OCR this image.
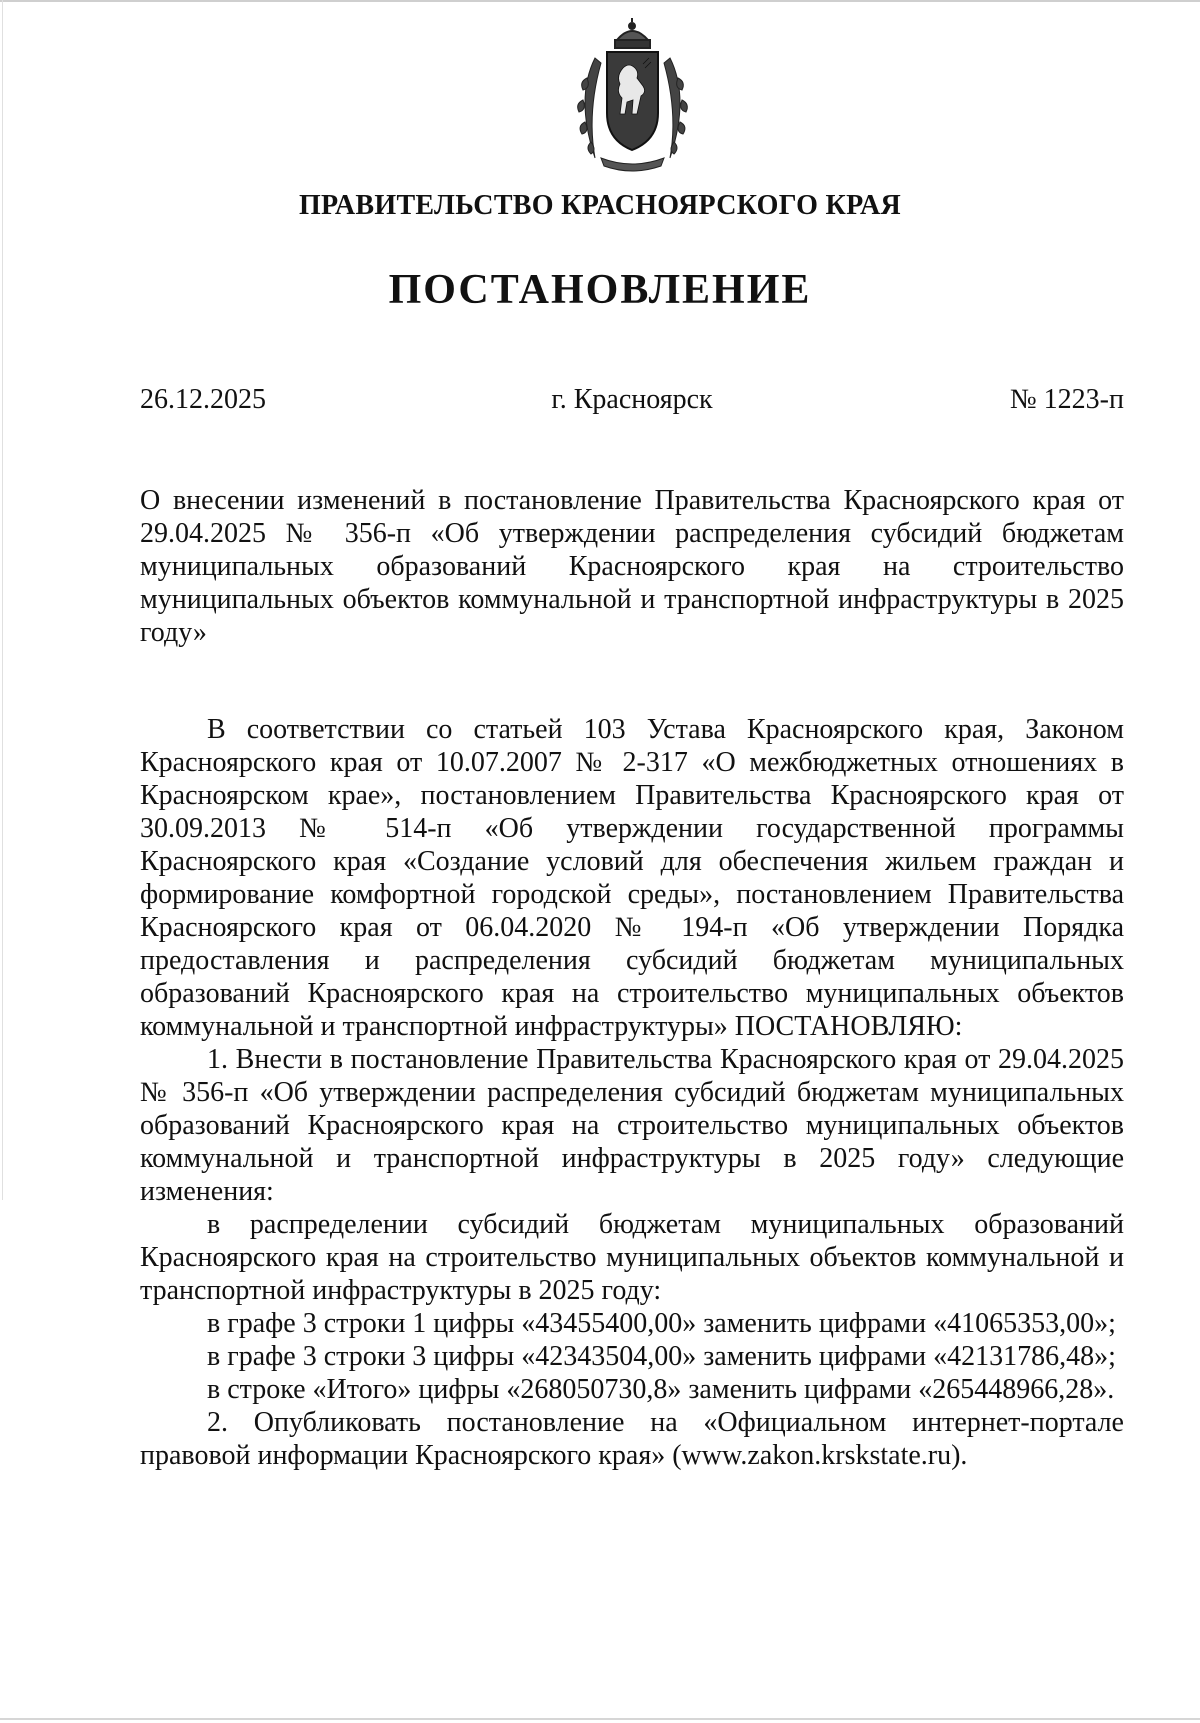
ПРАВИТЕЛЬСТВО КРАСНОЯРСКОГО КРАЯ
ПОСТАНОВЛЕНИЕ
26.12.2025	г. Красноярск	№ 1223-п

О внесении изменений в постановление Правительства Красноярского края от 29.04.2025 № 356-п «Об утверждении распределения субсидий бюджетам муниципальных образований Красноярского края на строительство муниципальных объектов коммунальной и транспортной инфраструктуры в 2025 году»

В соответствии со статьей 103 Устава Красноярского края, Законом Красноярского края от 10.07.2007 № 2-317 «О межбюджетных отношениях в Красноярском крае», постановлением Правительства Красноярского края от 30.09.2013 № 514-п «Об утверждении государственной программы Красноярского края «Создание условий для обеспечения жильем граждан и формирование комфортной городской среды», постановлением Правительства Красноярского края от 06.04.2020 № 194-п «Об утверждении Порядка предоставления и распределения субсидий бюджетам муниципальных образований Красноярского края на строительство муниципальных объектов коммунальной и транспортной инфраструктуры» ПОСТАНОВЛЯЮ:

1. Внести в постановление Правительства Красноярского края от 29.04.2025 № 356-п «Об утверждении распределения субсидий бюджетам муниципальных образований Красноярского края на строительство муниципальных объектов коммунальной и транспортной инфраструктуры в 2025 году» следующие изменения:

в распределении субсидий бюджетам муниципальных образований Красноярского края на строительство муниципальных объектов коммунальной и транспортной инфраструктуры в 2025 году:

в графе 3 строки 1 цифры «43455400,00» заменить цифрами «41065353,00»;

в графе 3 строки 3 цифры «42343504,00» заменить цифрами «42131786,48»;

в строке «Итого» цифры «268050730,8» заменить цифрами «265448966,28».

2. Опубликовать постановление на «Официальном интернет-портале правовой информации Красноярского края» (www.zakon.krskstate.ru).
